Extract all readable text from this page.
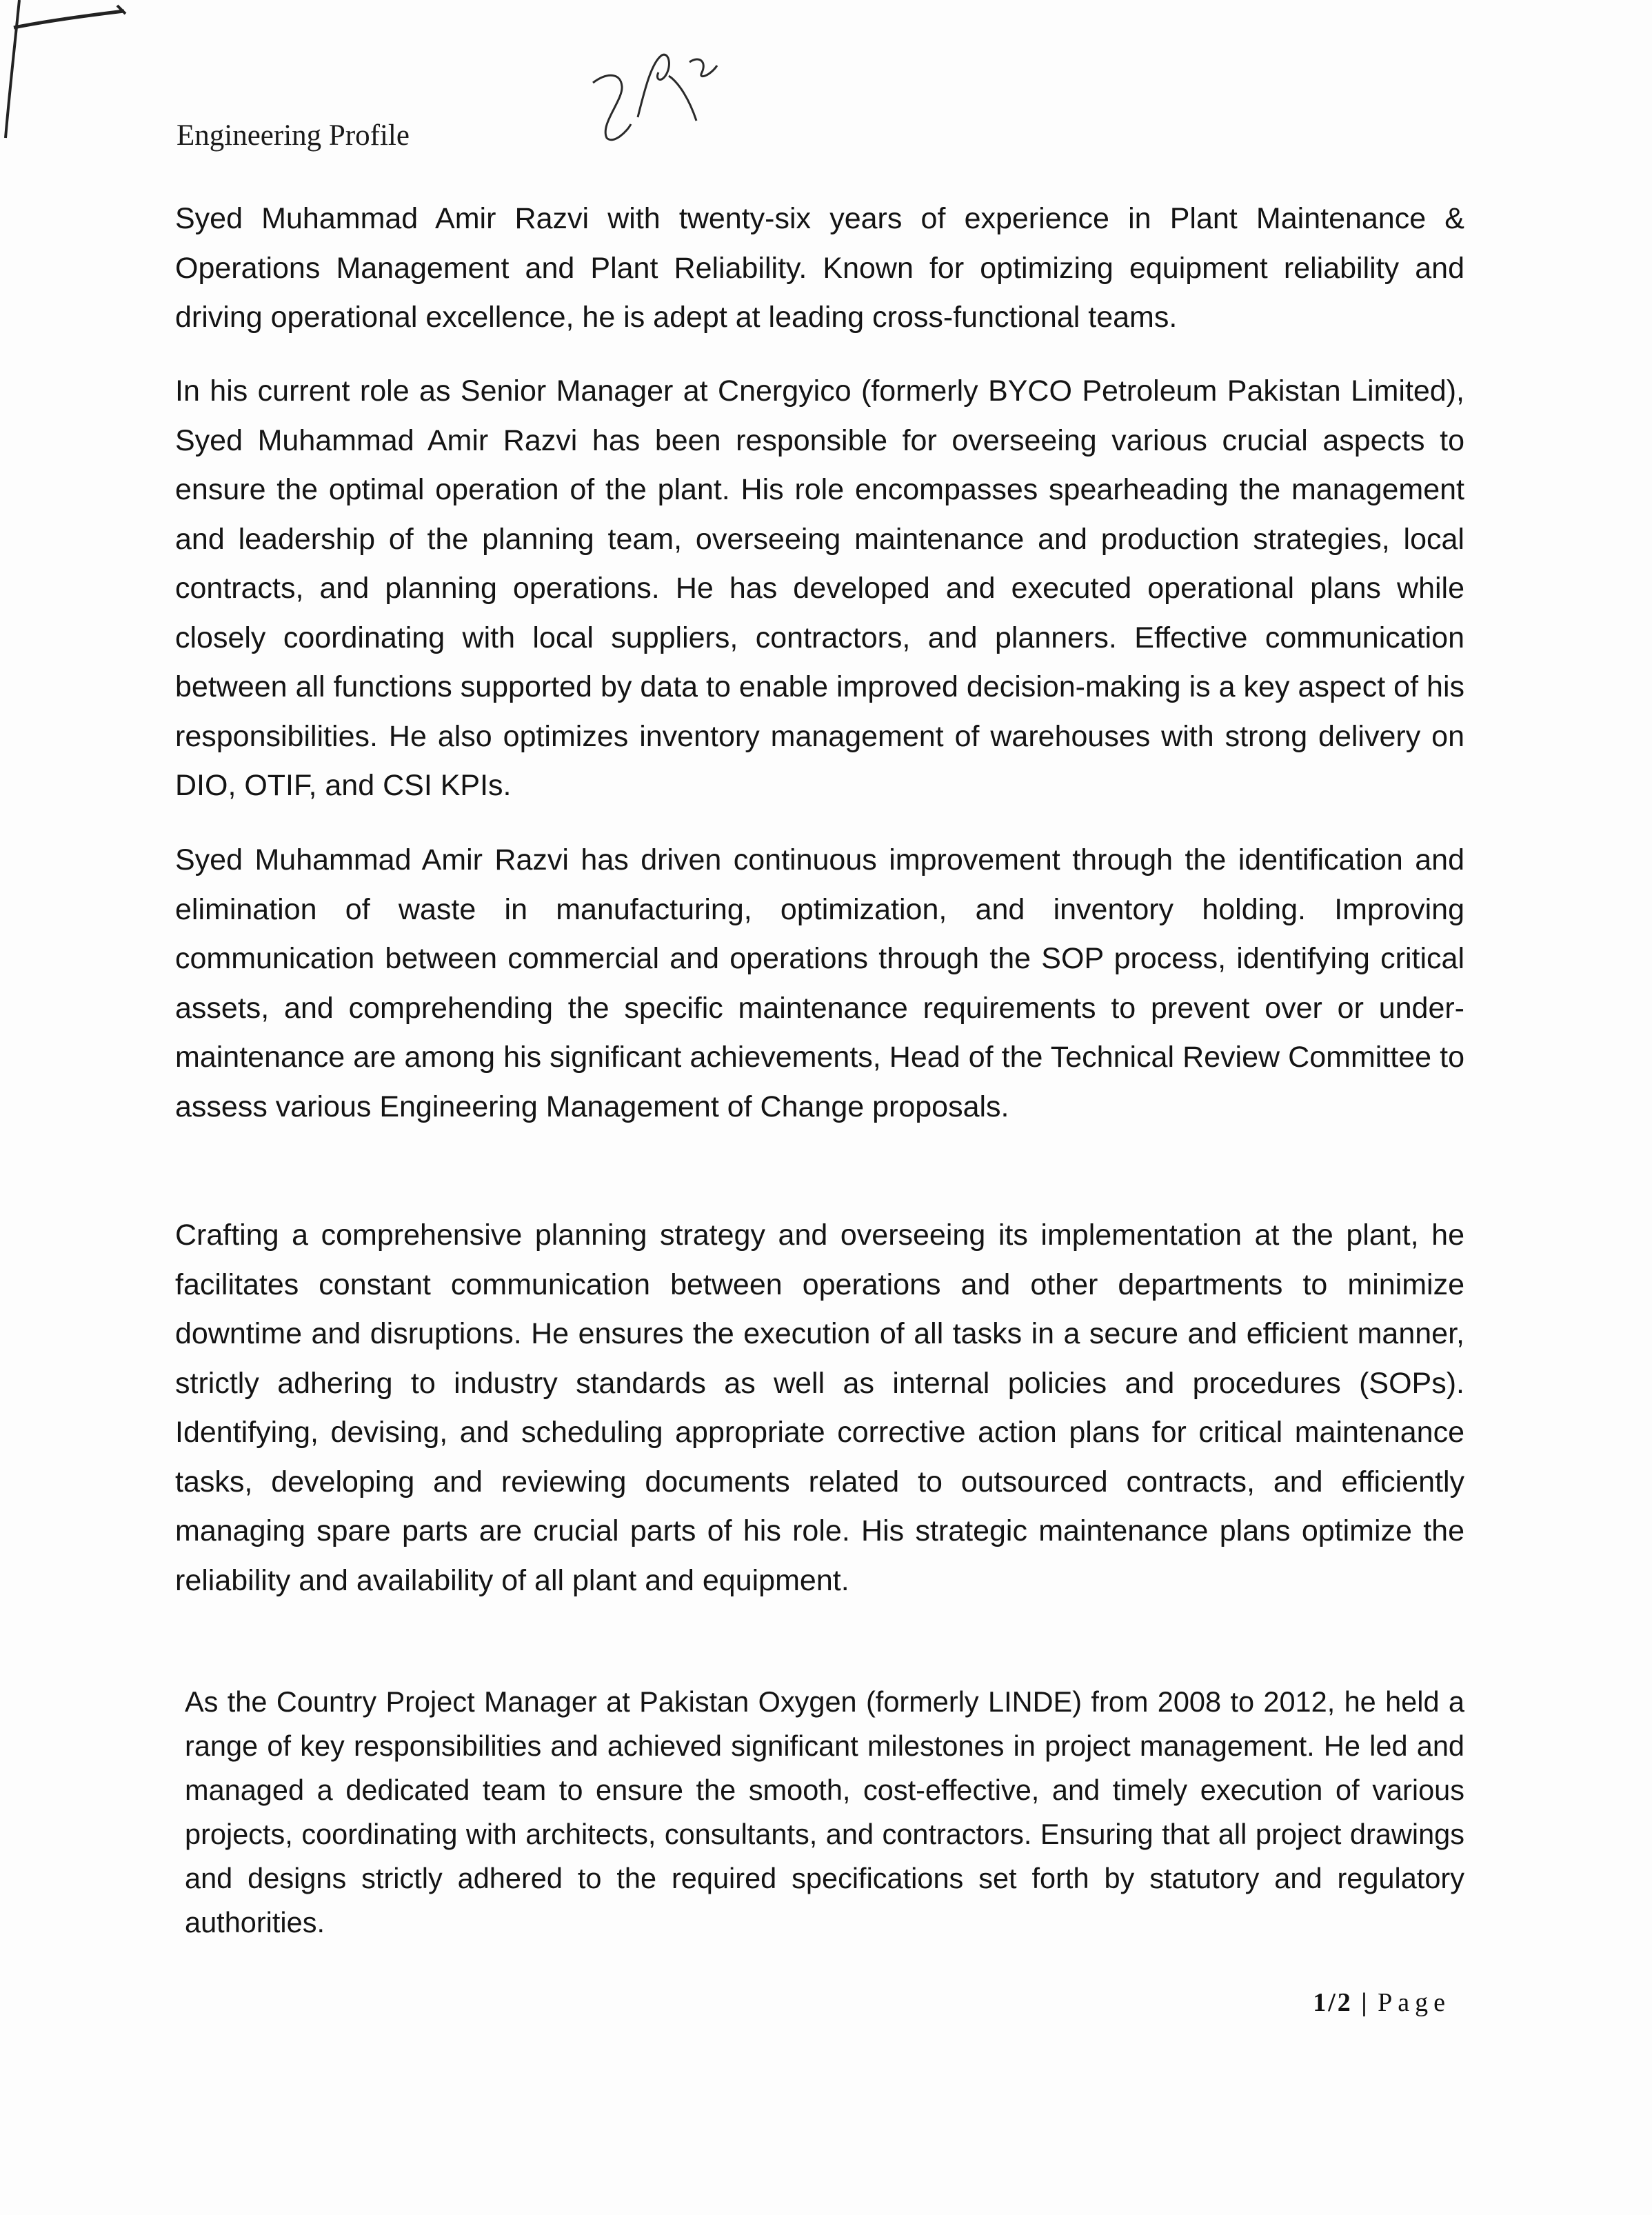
Engineering Profile

Syed Muhammad Amir Razvi with twenty-six years of experience in Plant Maintenance & Operations Management and Plant Reliability. Known for optimizing equipment reliability and driving operational excellence, he is adept at leading cross-functional teams.

In his current role as Senior Manager at Cnergyico (formerly BYCO Petroleum Pakistan Limited), Syed Muhammad Amir Razvi has been responsible for overseeing various crucial aspects to ensure the optimal operation of the plant. His role encompasses spearheading the management and leadership of the planning team, overseeing maintenance and production strategies, local contracts, and planning operations. He has developed and executed operational plans while closely coordinating with local suppliers, contractors, and planners. Effective communication between all functions supported by data to enable improved decision-making is a key aspect of his responsibilities. He also optimizes inventory management of warehouses with strong delivery on DIO, OTIF, and CSI KPIs.

Syed Muhammad Amir Razvi has driven continuous improvement through the identification and elimination of waste in manufacturing, optimization, and inventory holding. Improving communication between commercial and operations through the SOP process, identifying critical assets, and comprehending the specific maintenance requirements to prevent over or under-maintenance are among his significant achievements, Head of the Technical Review Committee to assess various Engineering Management of Change proposals.

Crafting a comprehensive planning strategy and overseeing its implementation at the plant, he facilitates constant communication between operations and other departments to minimize downtime and disruptions. He ensures the execution of all tasks in a secure and efficient manner, strictly adhering to industry standards as well as internal policies and procedures (SOPs). Identifying, devising, and scheduling appropriate corrective action plans for critical maintenance tasks, developing and reviewing documents related to outsourced contracts, and efficiently managing spare parts are crucial parts of his role. His strategic maintenance plans optimize the reliability and availability of all plant and equipment.

As the Country Project Manager at Pakistan Oxygen (formerly LINDE) from 2008 to 2012, he held a range of key responsibilities and achieved significant milestones in project management. He led and managed a dedicated team to ensure the smooth, cost-effective, and timely execution of various projects, coordinating with architects, consultants, and contractors. Ensuring that all project drawings and designs strictly adhered to the required specifications set forth by statutory and regulatory authorities.

1/2 | Page
